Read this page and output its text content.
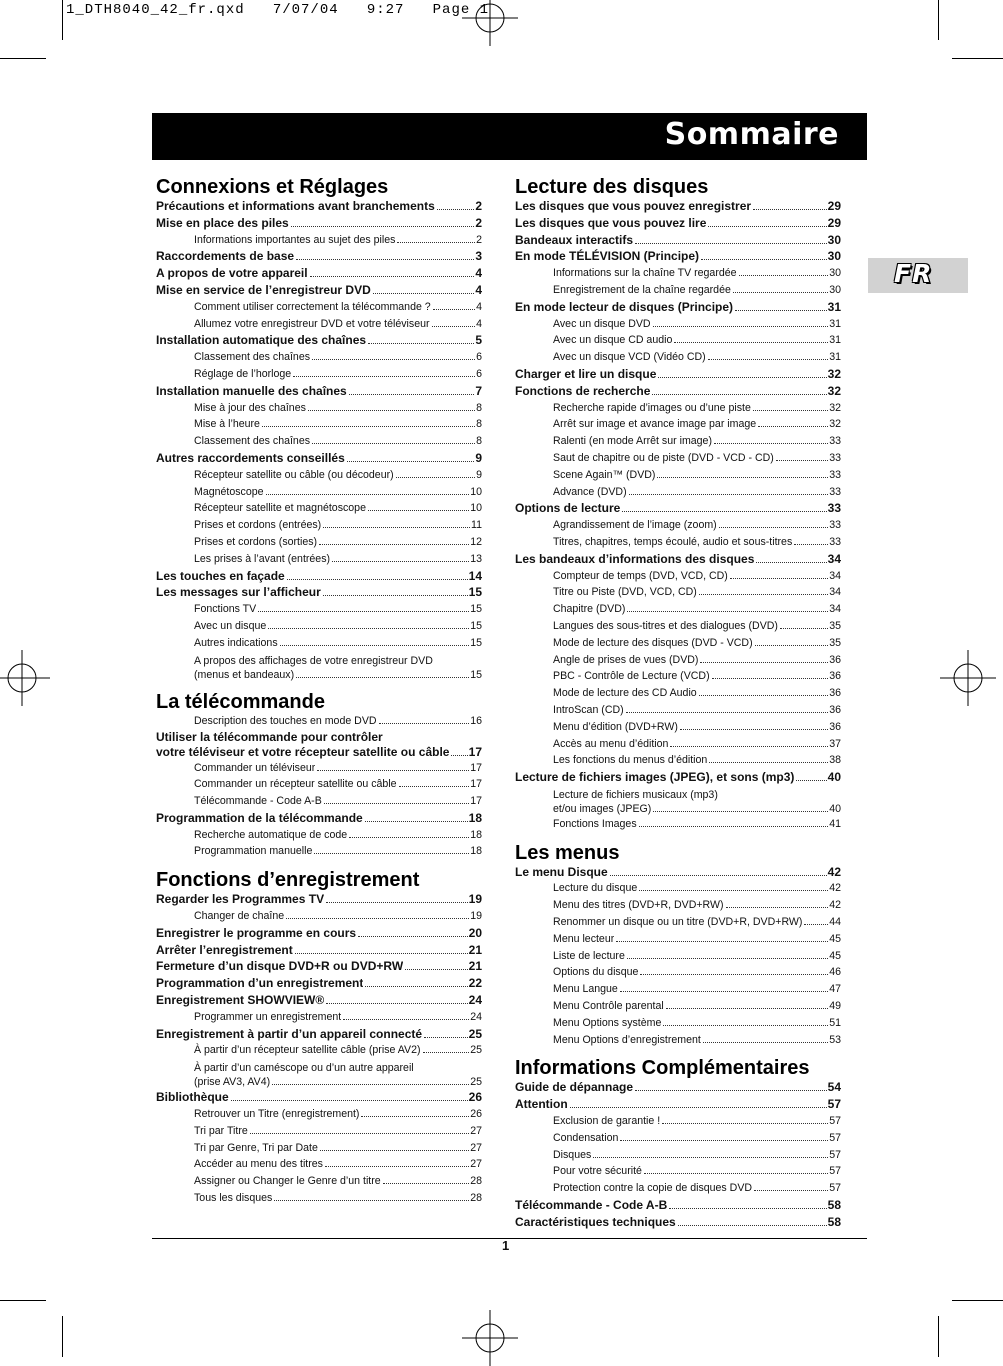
1_DTH8040_42_fr.qxd   7/07/04   9:27   Page 1
Sommaire
FR
Connexions et Réglages
Précautions et informations avant branchements	2
Mise en place des piles	2
Informations importantes au sujet des piles	2
Raccordements de base	3
A propos de votre appareil	4
Mise en service de l’enregistreur DVD	4
Comment utiliser correctement la télécommande ?	4
Allumez votre enregistreur DVD et votre téléviseur	4
Installation automatique des chaînes	5
Classement des chaînes	6
Réglage de l’horloge	6
Installation manuelle des chaînes	7
Mise à jour des chaînes	8
Mise à l’heure	8
Classement des chaînes	8
Autres raccordements conseillés	9
Récepteur satellite ou câble (ou décodeur)	9
Magnétoscope	10
Récepteur satellite et magnétoscope	10
Prises et cordons (entrées)	11
Prises et cordons (sorties)	12
Les prises à l’avant (entrées)	13
Les touches en façade	14
Les messages sur l’afficheur	15
Fonctions TV	15
Avec un disque	15
Autres indications	15
A propos des affichages de votre enregistreur DVD
(menus et bandeaux)	15
La télécommande
Description des touches en mode DVD	16
Utiliser la télécommande pour contrôler
votre téléviseur et votre récepteur satellite ou câble 17
Commander un téléviseur	17
Commander un récepteur satellite ou câble	17
Télécommande - Code A-B	17
Programmation de la télécommande	18
Recherche automatique de code	18
Programmation manuelle	18
Fonctions d’enregistrement
Regarder les Programmes TV	19
Changer de chaîne	19
Enregistrer le programme en cours	20
Arrêter l’enregistrement	21
Fermeture d’un disque DVD+R ou DVD+RW	21
Programmation d’un enregistrement	22
Enregistrement SHOWVIEW®	24
Programmer un enregistrement	24
Enregistrement à partir d’un appareil connecté	25
À partir d’un récepteur satellite câble (prise AV2)	25
À partir d’un caméscope ou d’un autre appareil
(prise AV3, AV4)	25
Bibliothèque	26
Retrouver un Titre (enregistrement)	26
Tri par Titre	27
Tri par Genre, Tri par Date	27
Accéder au menu des titres	27
Assigner ou Changer le Genre d’un titre	28
Tous les disques	28
Lecture des disques
Les disques que vous pouvez enregistrer	29
Les disques que vous pouvez lire	29
Bandeaux interactifs	30
En mode TÉLÉVISION (Principe)	30
Informations sur la chaîne TV regardée	30
Enregistrement de la chaîne regardée	30
En mode lecteur de disques (Principe)	31
Avec un disque DVD	31
Avec un disque CD audio	31
Avec un disque VCD (Vidéo CD)	31
Charger et lire un disque	32
Fonctions de recherche	32
Recherche rapide d’images ou d’une piste	32
Arrêt sur image et avance image par image	32
Ralenti (en mode Arrêt sur image)	33
Saut de chapitre ou de piste (DVD - VCD - CD)	33
Scene Again™ (DVD)	33
Advance (DVD)	33
Options de lecture	33
Agrandissement de l’image (zoom)	33
Titres, chapitres, temps écoulé, audio et sous-titres	33
Les bandeaux d’informations des disques	34
Compteur de temps (DVD, VCD, CD)	34
Titre ou Piste (DVD, VCD, CD)	34
Chapitre (DVD)	34
Langues des sous-titres et des dialogues (DVD)	35
Mode de lecture des disques (DVD - VCD)	35
Angle de prises de vues (DVD)	36
PBC - Contrôle de Lecture (VCD)	36
Mode de lecture des CD Audio	36
IntroScan (CD)	36
Menu d’édition (DVD+RW)	36
Accès au menu d’édition	37
Les fonctions du menus d’édition	38
Lecture de fichiers images (JPEG), et sons (mp3)	40
Lecture de fichiers musicaux (mp3)
et/ou images (JPEG)	40
Fonctions Images	41
Les menus
Le menu Disque	42
Lecture du disque	42
Menu des titres (DVD+R, DVD+RW)	42
Renommer un disque ou un titre (DVD+R, DVD+RW)	44
Menu lecteur	45
Liste de lecture	45
Options du disque	46
Menu Langue	47
Menu Contrôle parental	49
Menu Options système	51
Menu Options d’enregistrement	53
Informations Complémentaires
Guide de dépannage	54
Attention	57
Exclusion de garantie !	57
Condensation	57
Disques	57
Pour votre sécurité	57
Protection contre la copie de disques DVD	57
Télécommande - Code A-B	58
Caractéristiques techniques	58
1
